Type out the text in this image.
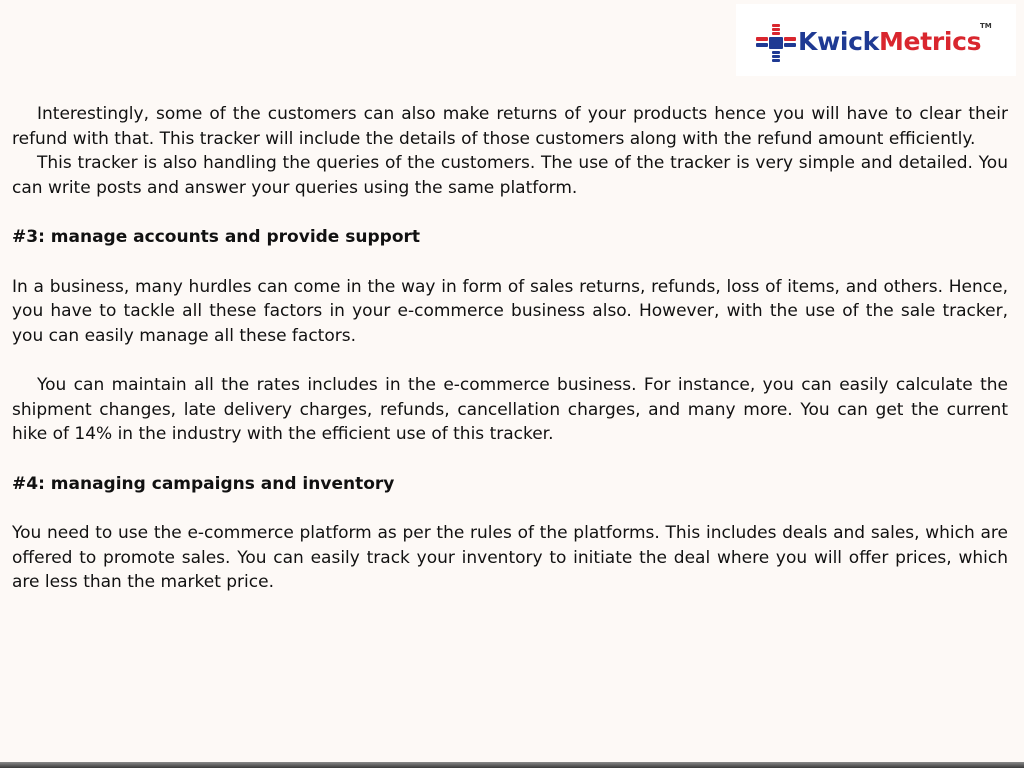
KwickMetrics
TM

Interestingly, some of the customers can also make returns of your products hence you will have to clear their refund with that. This tracker will include the details of those customers along with the refund amount efficiently.

This tracker is also handling the queries of the customers. The use of the tracker is very simple and detailed. You can write posts and answer your queries using the same platform.

#3: manage accounts and provide support

In a business, many hurdles can come in the way in form of sales returns, refunds, loss of items, and others. Hence, you have to tackle all these factors in your e-commerce business also. However, with the use of the sale tracker, you can easily manage all these factors.

You can maintain all the rates includes in the e-commerce business. For instance, you can easily calculate the shipment changes, late delivery charges, refunds, cancellation charges, and many more. You can get the current hike of 14% in the industry with the efficient use of this tracker.

#4: managing campaigns and inventory

You need to use the e-commerce platform as per the rules of the platforms. This includes deals and sales, which are offered to promote sales. You can easily track your inventory to initiate the deal where you will offer prices, which are less than the market price.
